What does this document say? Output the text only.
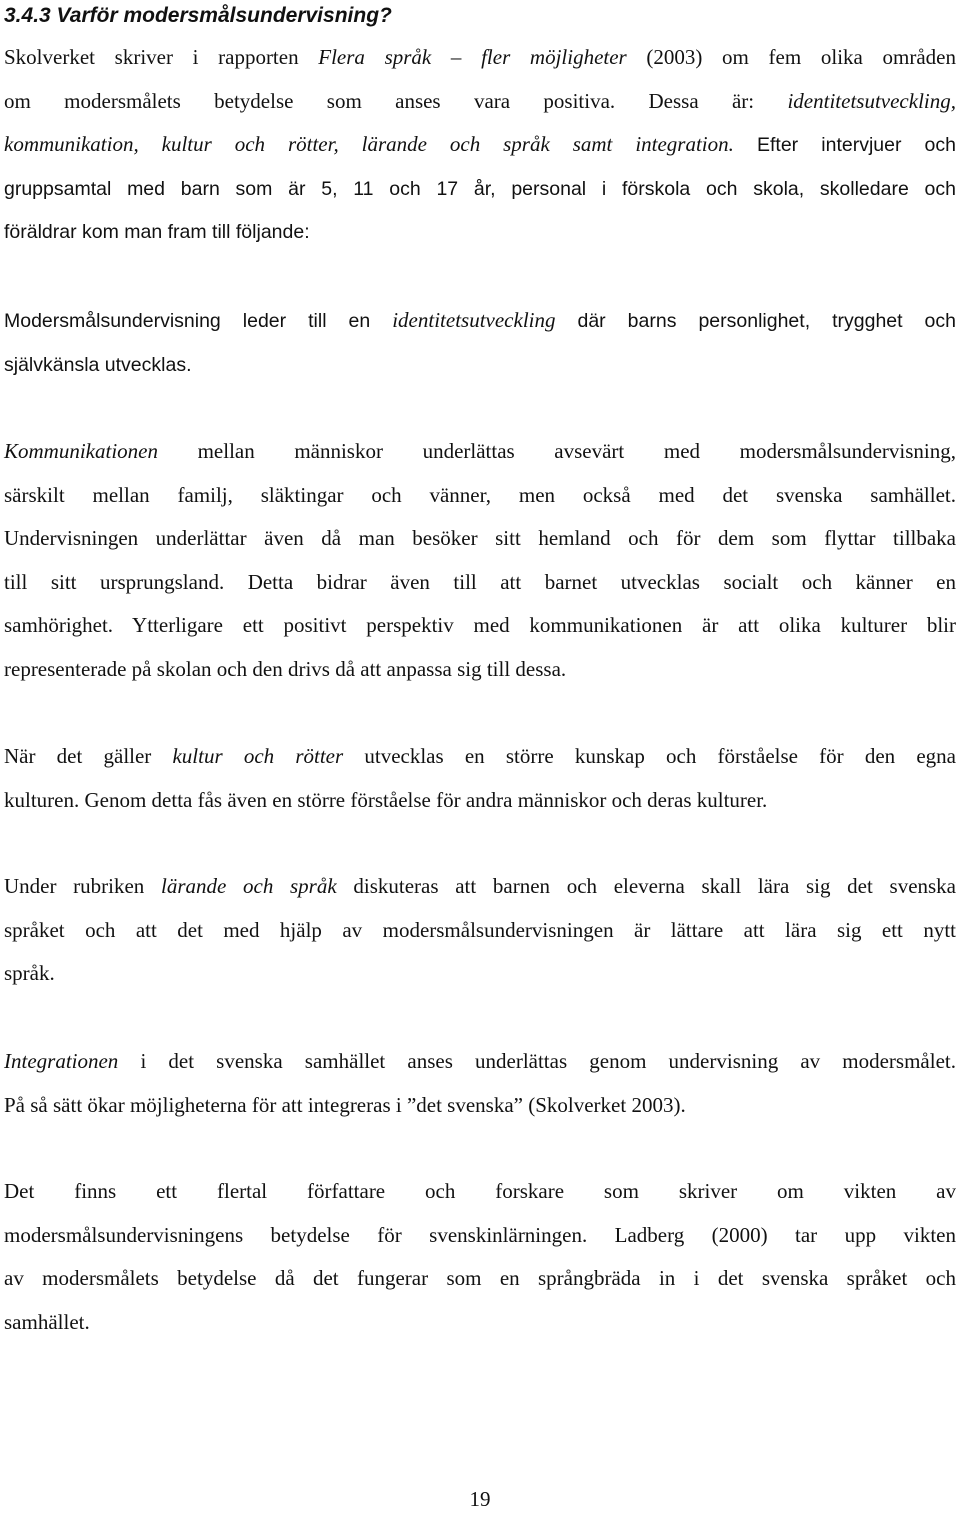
3.4.3 Varför modersmålsundervisning?
Skolverket skriver i rapporten Flera språk – fler möjligheter (2003) om fem olika områden
om modersmålets betydelse som anses vara positiva. Dessa är: identitetsutveckling,
kommunikation, kultur och rötter, lärande och språk samt integration. Efter intervjuer och
gruppsamtal med barn som är 5, 11 och 17 år, personal i förskola och skola, skolledare och
föräldrar kom man fram till följande:
Modersmålsundervisning leder till en identitetsutveckling där barns personlighet, trygghet och
självkänsla utvecklas.
Kommunikationen mellan människor underlättas avsevärt med modersmålsundervisning,
särskilt mellan familj, släktingar och vänner, men också med det svenska samhället.
Undervisningen underlättar även då man besöker sitt hemland och för dem som flyttar tillbaka
till sitt ursprungsland. Detta bidrar även till att barnet utvecklas socialt och känner en
samhörighet. Ytterligare ett positivt perspektiv med kommunikationen är att olika kulturer blir
representerade på skolan och den drivs då att anpassa sig till dessa.
När det gäller kultur och rötter utvecklas en större kunskap och förståelse för den egna
kulturen. Genom detta fås även en större förståelse för andra människor och deras kulturer.
Under rubriken lärande och språk diskuteras att barnen och eleverna skall lära sig det svenska
språket och att det med hjälp av modersmålsundervisningen är lättare att lära sig ett nytt
språk.
Integrationen i det svenska samhället anses underlättas genom undervisning av modersmålet.
På så sätt ökar möjligheterna för att integreras i ”det svenska” (Skolverket 2003).
Det finns ett flertal författare och forskare som skriver om vikten av
modersmålsundervisningens betydelse för svenskinlärningen. Ladberg (2000) tar upp vikten
av modersmålets betydelse då det fungerar som en språngbräda in i det svenska språket och
samhället.
19
